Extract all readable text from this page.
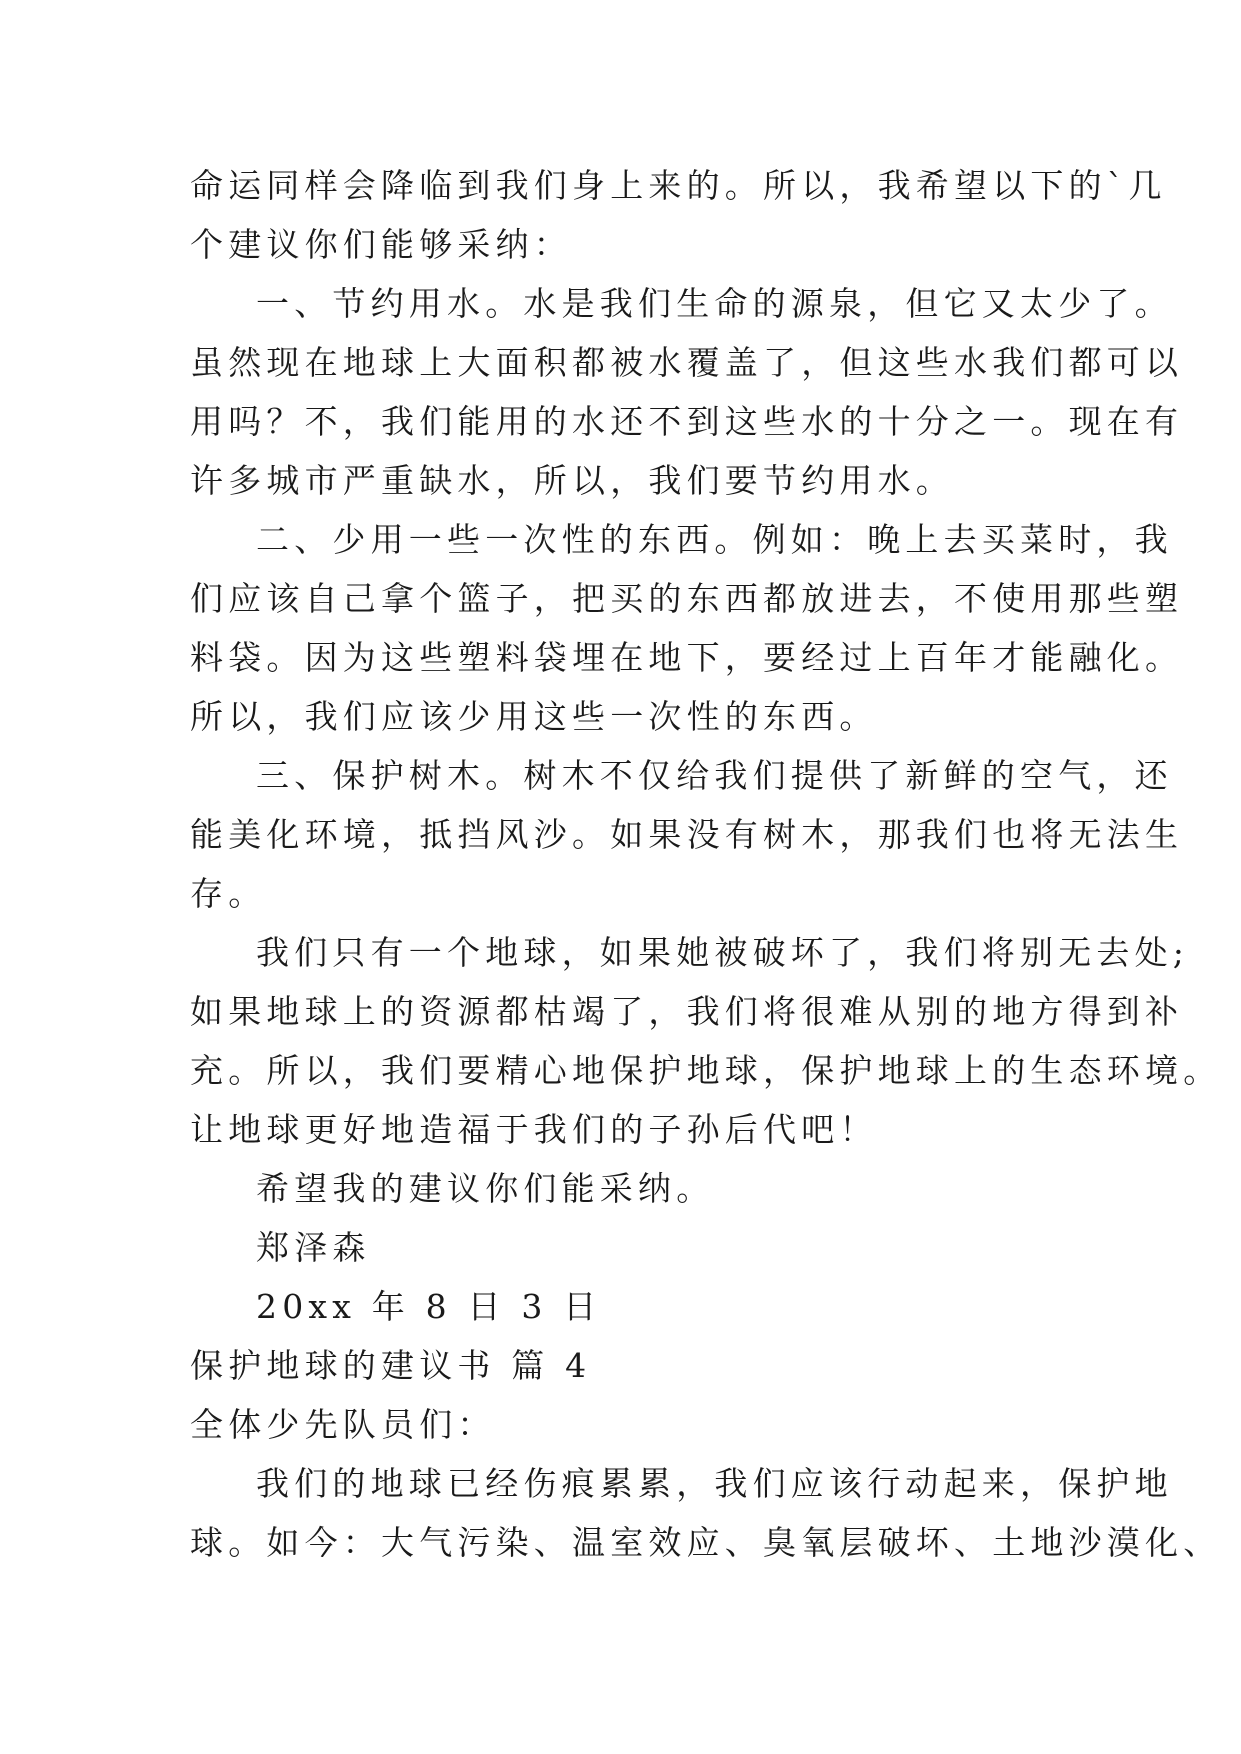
命运同样会降临到我们身上来的。所以，我希望以下的`几
个建议你们能够采纳：
一、节约用水。水是我们生命的源泉，但它又太少了。
虽然现在地球上大面积都被水覆盖了，但这些水我们都可以
用吗？不，我们能用的水还不到这些水的十分之一。现在有
许多城市严重缺水，所以，我们要节约用水。
二、少用一些一次性的东西。例如：晚上去买菜时，我
们应该自己拿个篮子，把买的东西都放进去，不使用那些塑
料袋。因为这些塑料袋埋在地下，要经过上百年才能融化。
所以，我们应该少用这些一次性的东西。
三、保护树木。树木不仅给我们提供了新鲜的空气，还
能美化环境，抵挡风沙。如果没有树木，那我们也将无法生
存。
我们只有一个地球，如果她被破坏了，我们将别无去处;
如果地球上的资源都枯竭了，我们将很难从别的地方得到补
充。所以，我们要精心地保护地球，保护地球上的生态环境。
让地球更好地造福于我们的子孙后代吧！
希望我的建议你们能采纳。
郑泽森
20xx 年 8 日 3 日
保护地球的建议书 篇 4
全体少先队员们：
我们的地球已经伤痕累累，我们应该行动起来，保护地
球。如今：大气污染、温室效应、臭氧层破坏、土地沙漠化、
